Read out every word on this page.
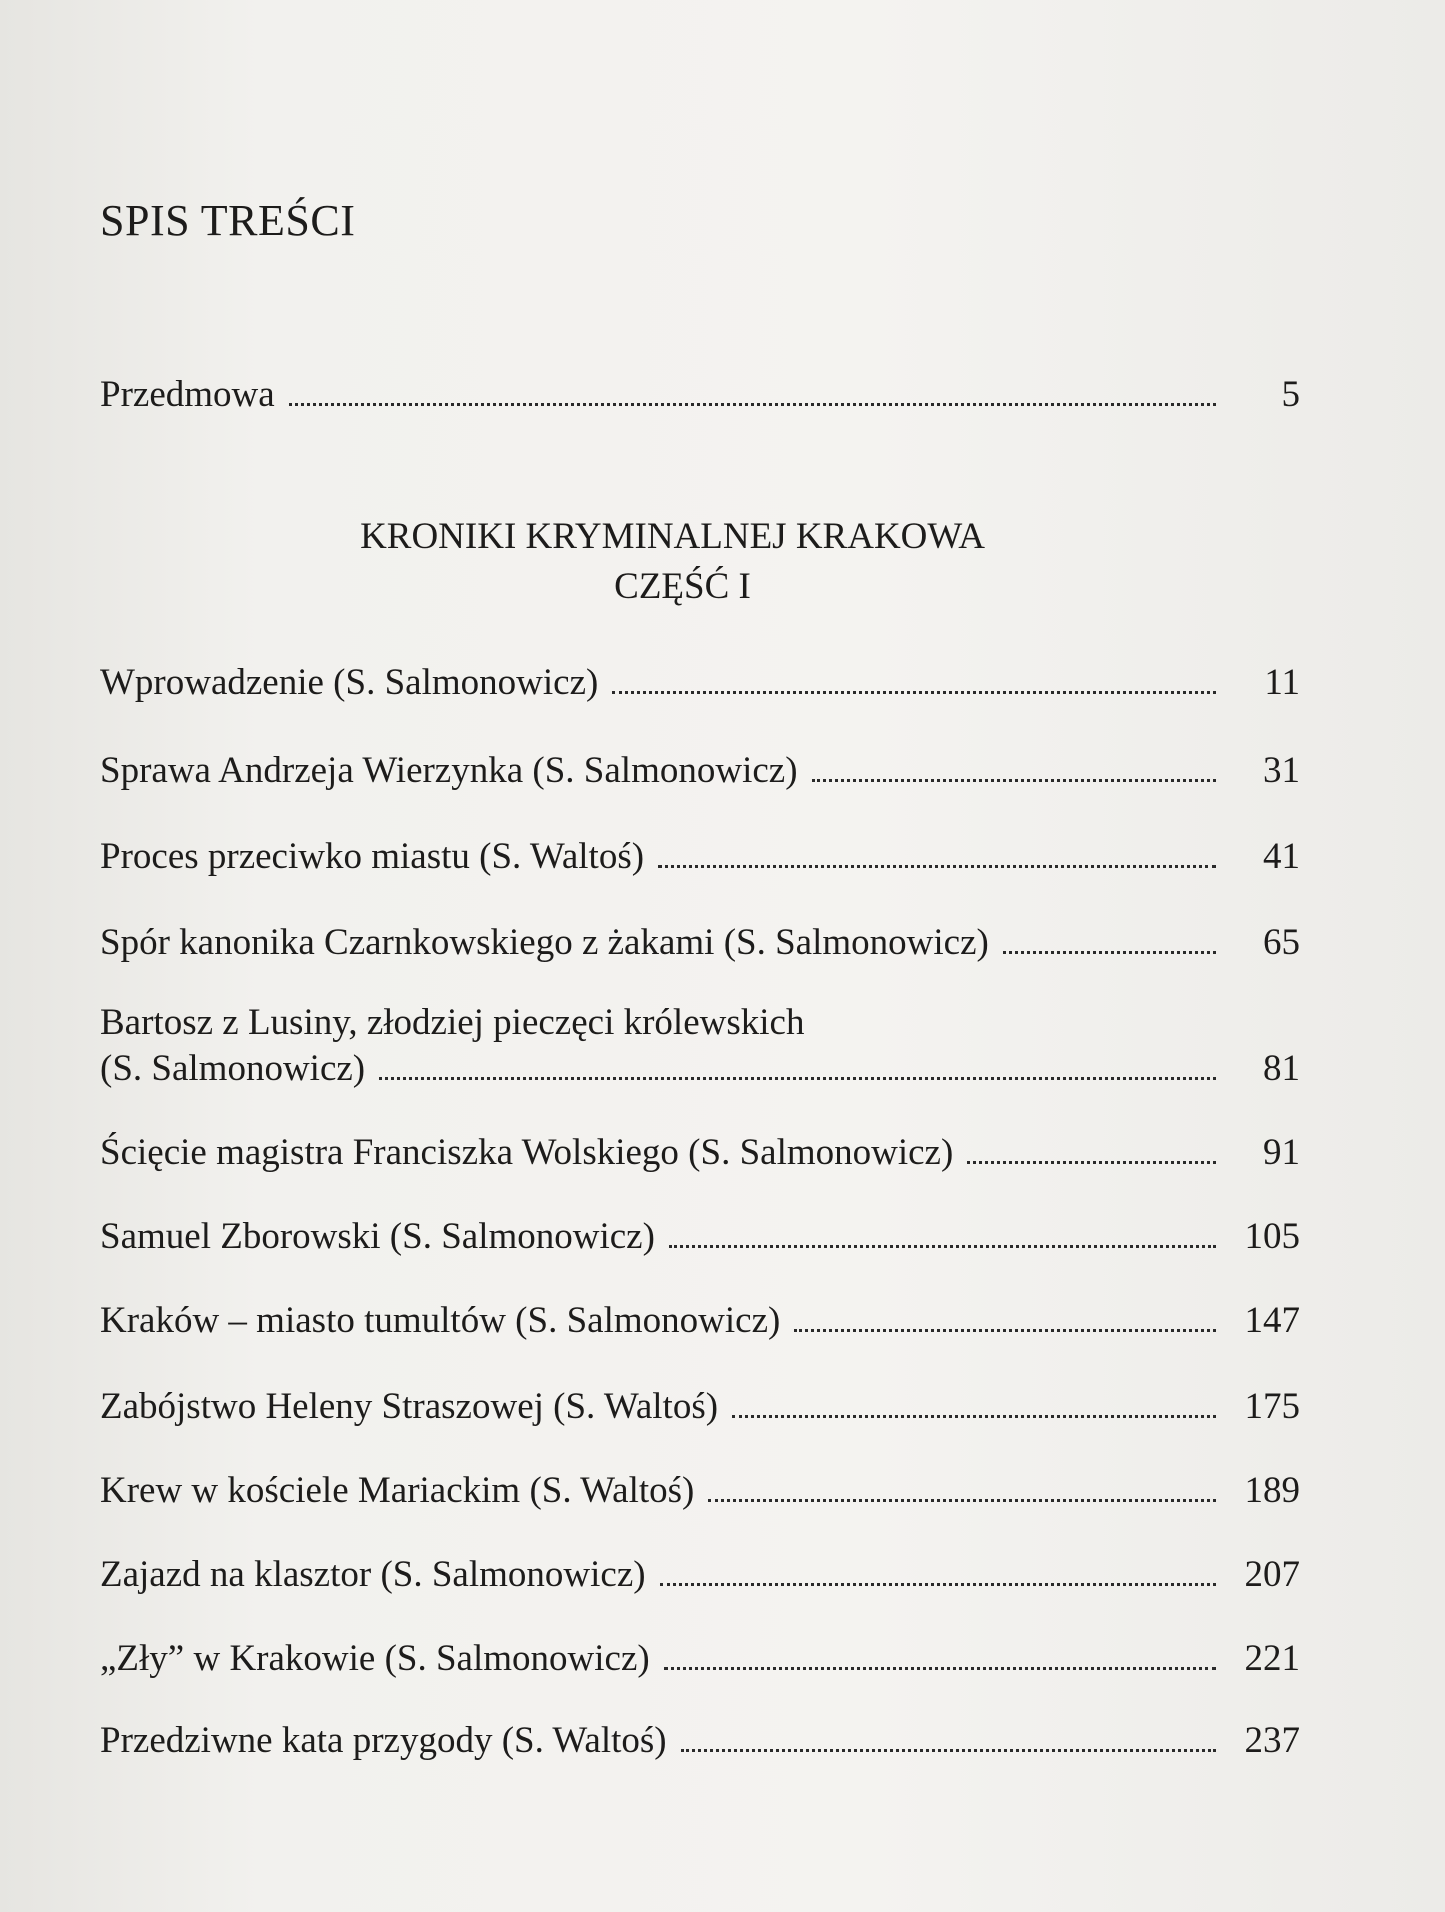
SPIS TREŚCI
Przedmowa	5
KRONIKI KRYMINALNEJ KRAKOWA
CZĘŚĆ I
Wprowadzenie (S. Salmonowicz)	11
Sprawa Andrzeja Wierzynka (S. Salmonowicz)	31
Proces przeciwko miastu (S. Waltoś)	41
Spór kanonika Czarnkowskiego z żakami (S. Salmonowicz)	65
Bartosz z Lusiny, złodziej pieczęci królewskich
(S. Salmonowicz)	81
Ścięcie magistra Franciszka Wolskiego (S. Salmonowicz)	91
Samuel Zborowski (S. Salmonowicz)	105
Kraków – miasto tumultów (S. Salmonowicz)	147
Zabójstwo Heleny Straszowej (S. Waltoś)	175
Krew w kościele Mariackim (S. Waltoś)	189
Zajazd na klasztor (S. Salmonowicz)	207
„Zły” w Krakowie (S. Salmonowicz)	221
Przedziwne kata przygody (S. Waltoś)	237
